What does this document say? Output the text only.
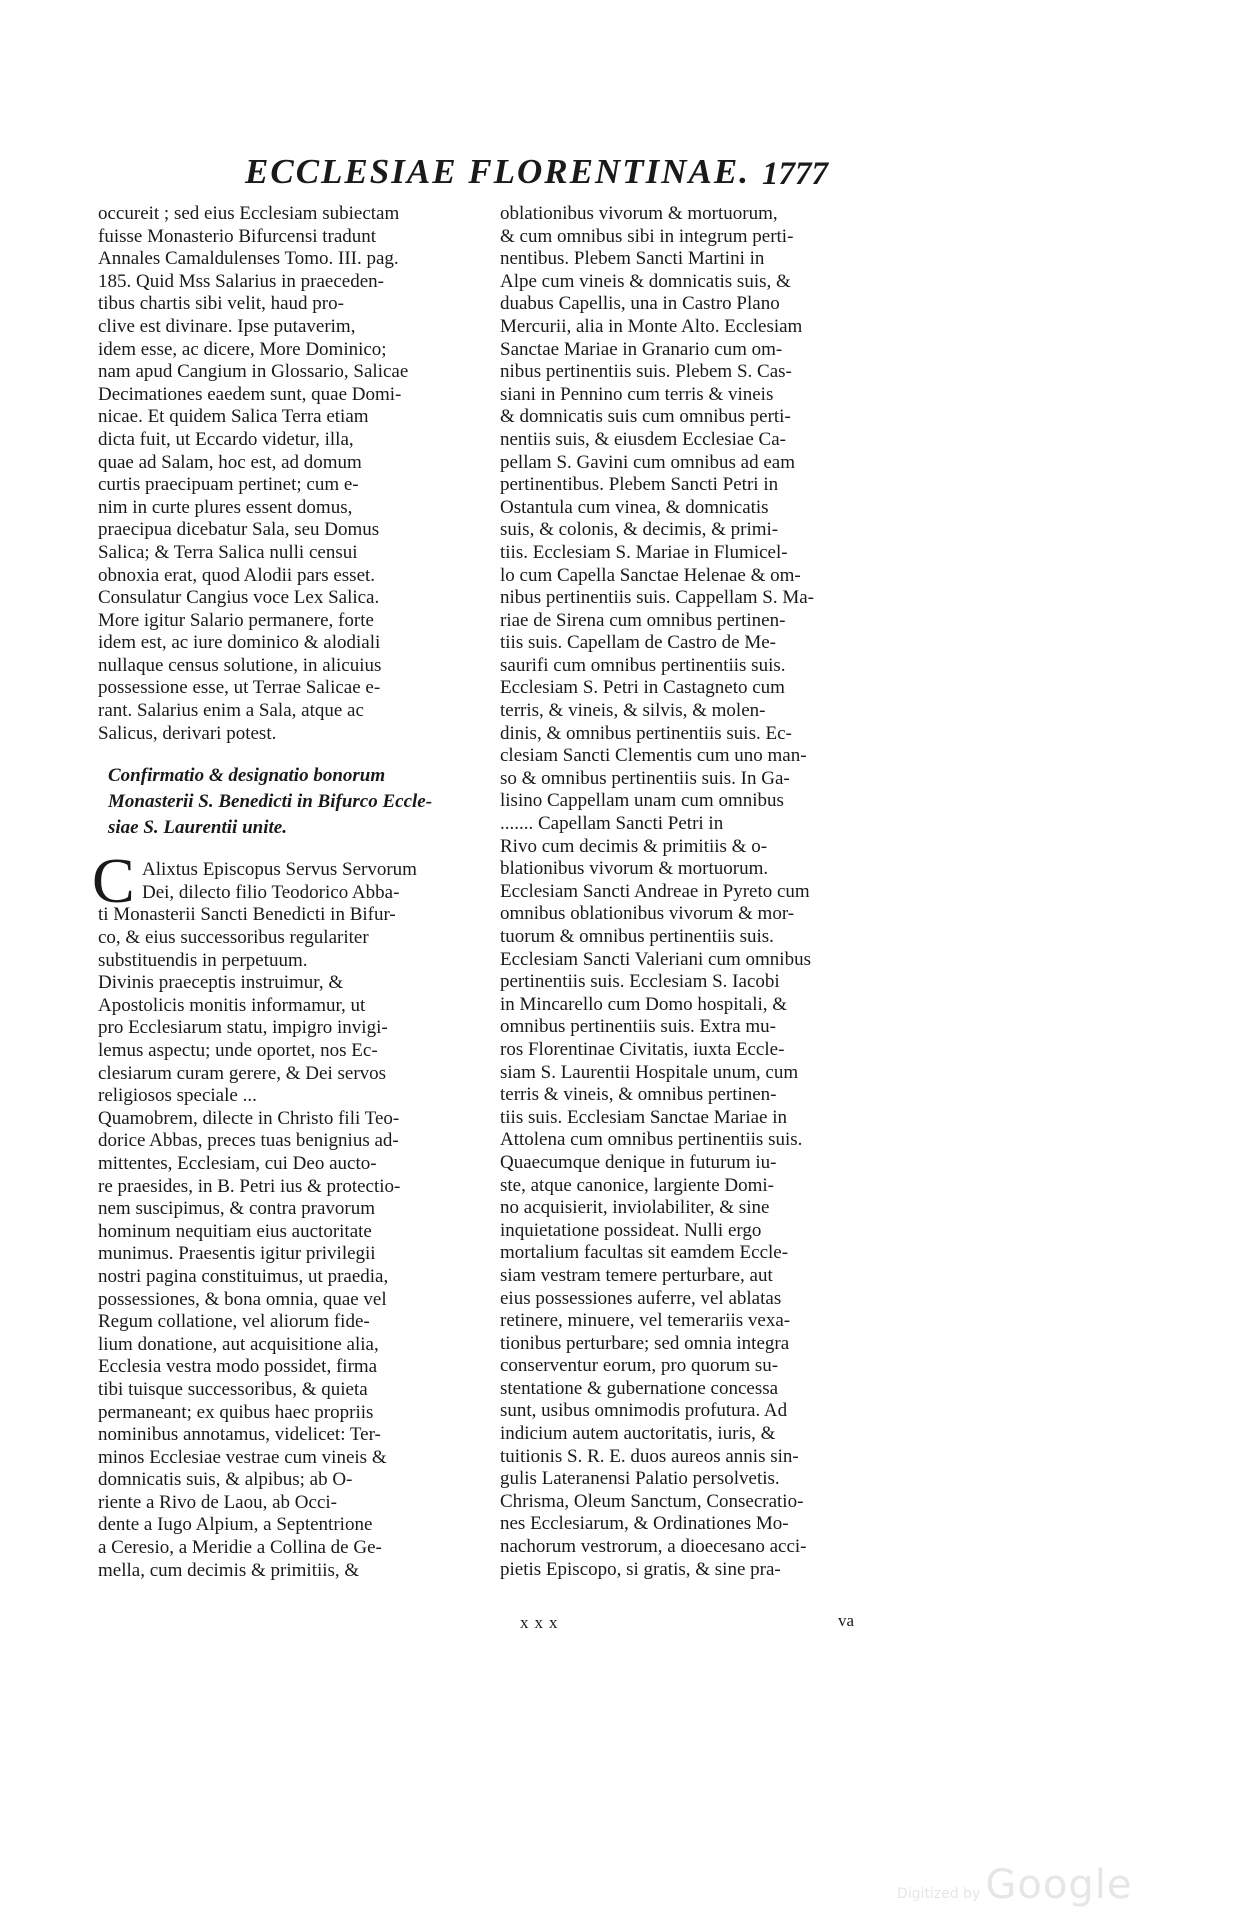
ECCLESIAE FLORENTINAE. 1777
occureit ; sed eius Ecclesiam subiectam
fuisse Monasterio Bifurcensi tradunt
Annales Camaldulenses Tomo. III. pag.
185. Quid Mss Salarius in praeceden-
tibus chartis sibi velit, haud pro-
clive est divinare. Ipse putaverim,
idem esse, ac dicere, More Dominico;
nam apud Cangium in Glossario, Salicae
Decimationes eaedem sunt, quae Domi-
nicae. Et quidem Salica Terra etiam
dicta fuit, ut Eccardo videtur, illa,
quae ad Salam, hoc est, ad domum
curtis praecipuam pertinet; cum e-
nim in curte plures essent domus,
praecipua dicebatur Sala, seu Domus
Salica; & Terra Salica nulli censui
obnoxia erat, quod Alodii pars esset.
Consulatur Cangius voce Lex Salica.
More igitur Salario permanere, forte
idem est, ac iure dominico & alodiali
nullaque census solutione, in alicuius
possessione esse, ut Terrae Salicae e-
rant. Salarius enim a Sala, atque ac
Salicus, derivari potest.
Confirmatio & designatio bonorum
Monasterii S. Benedicti in Bifurco Eccle-
siae S. Laurentii unite.
C Alixtus Episcopus Servus Servorum
Dei, dilecto filio Teodorico Abba-
ti Monasterii Sancti Benedicti in Bifur-
co, & eius successoribus regulariter
substituendis in perpetuum.
Divinis praeceptis instruimur, &
Apostolicis monitis informamur, ut
pro Ecclesiarum statu, impigro invigi-
lemus aspectu; unde oportet, nos Ec-
clesiarum curam gerere, & Dei servos
religiosos speciale ...
Quamobrem, dilecte in Christo fili Teo-
dorice Abbas, preces tuas benignius ad-
mittentes, Ecclesiam, cui Deo aucto-
re praesides, in B. Petri ius & protectio-
nem suscipimus, & contra pravorum
hominum nequitiam eius auctoritate
munimus. Praesentis igitur privilegii
nostri pagina constituimus, ut praedia,
possessiones, & bona omnia, quae vel
Regum collatione, vel aliorum fide-
lium donatione, aut acquisitione alia,
Ecclesia vestra modo possidet, firma
tibi tuisque successoribus, & quieta
permaneant; ex quibus haec propriis
nominibus annotamus, videlicet: Ter-
minos Ecclesiae vestrae cum vineis &
domnicatis suis, & alpibus; ab O-
riente a Rivo de Laou, ab Occi-
dente a Iugo Alpium, a Septentrione
a Ceresio, a Meridie a Collina de Ge-
mella, cum decimis & primitiis, &
oblationibus vivorum & mortuorum,
& cum omnibus sibi in integrum perti-
nentibus. Plebem Sancti Martini in
Alpe cum vineis & domnicatis suis, &
duabus Capellis, una in Castro Plano
Mercurii, alia in Monte Alto. Ecclesiam
Sanctae Mariae in Granario cum om-
nibus pertinentiis suis. Plebem S. Cas-
siani in Pennino cum terris & vineis
& domnicatis suis cum omnibus perti-
nentiis suis, & eiusdem Ecclesiae Ca-
pellam S. Gavini cum omnibus ad eam
pertinentibus. Plebem Sancti Petri in
Ostantula cum vinea, & domnicatis
suis, & colonis, & decimis, & primi-
tiis. Ecclesiam S. Mariae in Flumicel-
lo cum Capella Sanctae Helenae & om-
nibus pertinentiis suis. Cappellam S. Ma-
riae de Sirena cum omnibus pertinen-
tiis suis. Capellam de Castro de Me-
saurifi cum omnibus pertinentiis suis.
Ecclesiam S. Petri in Castagneto cum
terris, & vineis, & silvis, & molen-
dinis, & omnibus pertinentiis suis. Ec-
clesiam Sancti Clementis cum uno man-
so & omnibus pertinentiis suis. In Ga-
lisino Cappellam unam cum omnibus
....... Capellam Sancti Petri in
Rivo cum decimis & primitiis & o-
blationibus vivorum & mortuorum.
Ecclesiam Sancti Andreae in Pyreto cum
omnibus oblationibus vivorum & mor-
tuorum & omnibus pertinentiis suis.
Ecclesiam Sancti Valeriani cum omnibus
pertinentiis suis. Ecclesiam S. Iacobi
in Mincarello cum Domo hospitali, &
omnibus pertinentiis suis. Extra mu-
ros Florentinae Civitatis, iuxta Eccle-
siam S. Laurentii Hospitale unum, cum
terris & vineis, & omnibus pertinen-
tiis suis. Ecclesiam Sanctae Mariae in
Attolena cum omnibus pertinentiis suis.
Quaecumque denique in futurum iu-
ste, atque canonice, largiente Domi-
no acquisierit, inviolabiliter, & sine
inquietatione possideat. Nulli ergo
mortalium facultas sit eamdem Eccle-
siam vestram temere perturbare, aut
eius possessiones auferre, vel ablatas
retinere, minuere, vel temerariis vexa-
tionibus perturbare; sed omnia integra
conserventur eorum, pro quorum su-
stentatione & gubernatione concessa
sunt, usibus omnimodis profutura. Ad
indicium autem auctoritatis, iuris, &
tuitionis S. R. E. duos aureos annis sin-
gulis Lateranensi Palatio persolvetis.
Chrisma, Oleum Sanctum, Consecratio-
nes Ecclesiarum, & Ordinationes Mo-
nachorum vestrorum, a dioecesano acci-
pietis Episcopo, si gratis, & sine pra-
xxx	va
Digitized by Google
